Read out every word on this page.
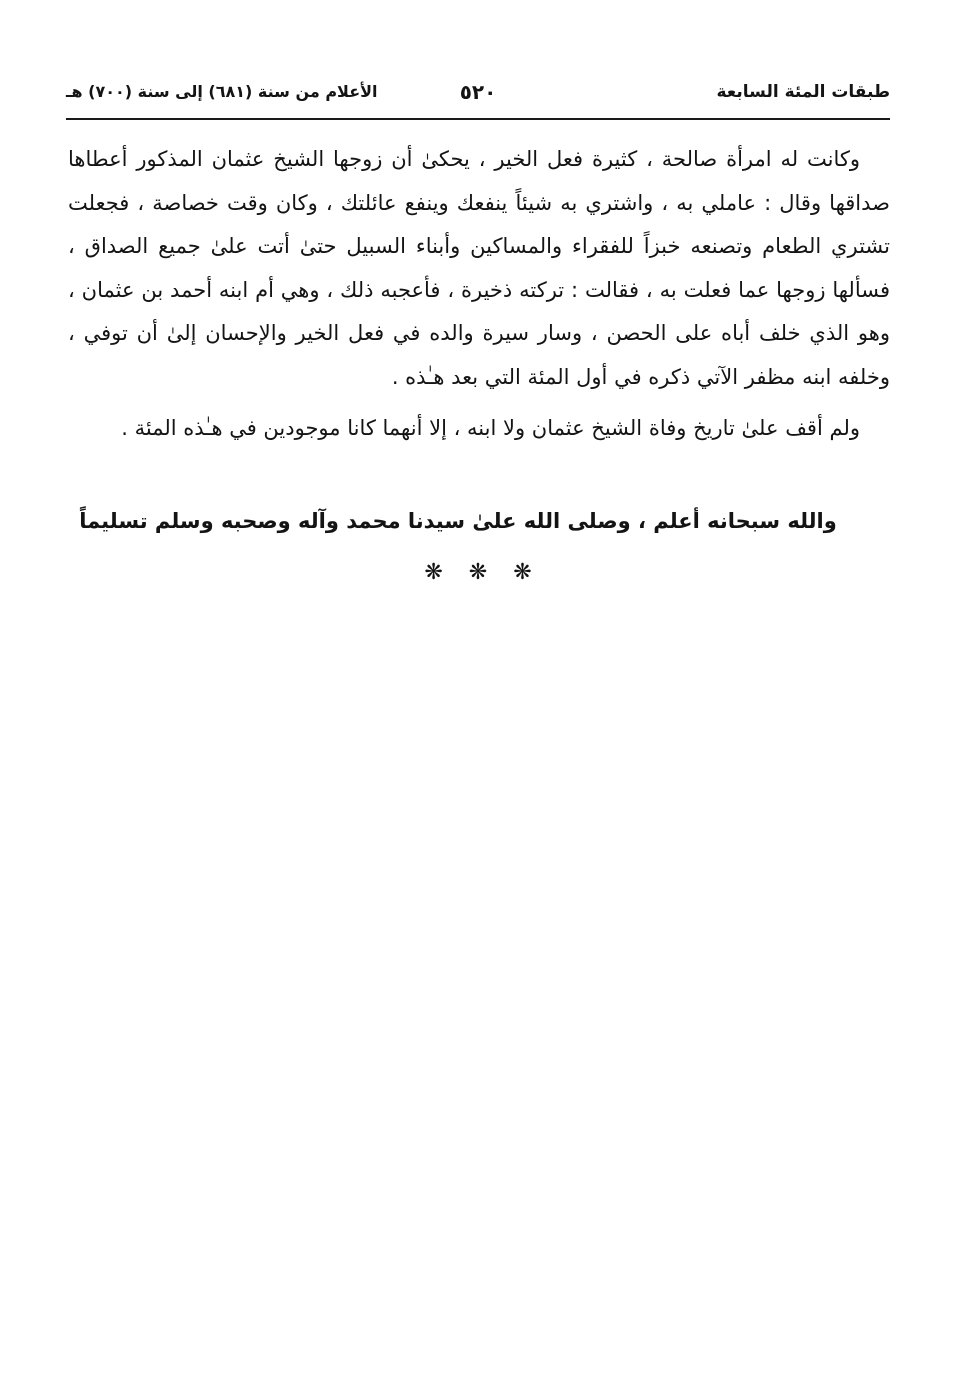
طبقات المئة السابعة
٥٢٠
الأعلام من سنة (٦٨١) إلى سنة (٧٠٠) هـ

وكانت له امرأة صالحة ، كثيرة فعل الخير ، يحكىٰ أن زوجها الشيخ عثمان المذكور أعطاها صداقها وقال : عاملي به ، واشتري به شيئاً ينفعك وينفع عائلتك ، وكان وقت خصاصة ، فجعلت تشتري الطعام وتصنعه خبزاً للفقراء والمساكين وأبناء السبيل حتىٰ أتت علىٰ جميع الصداق ، فسألها زوجها عما فعلت به ، فقالت : تركته ذخيرة ، فأعجبه ذلك ، وهي أم ابنه أحمد بن عثمان ، وهو الذي خلف أباه على الحصن ، وسار سيرة والده في فعل الخير والإحسان إلىٰ أن توفي ، وخلفه ابنه مظفر الآتي ذكره في أول المئة التي بعد هـٰذه .

ولم أقف علىٰ تاريخ وفاة الشيخ عثمان ولا ابنه ، إلا أنهما كانا موجودين في هـٰذه المئة .

والله سبحانه أعلم ، وصلى الله علىٰ سيدنا محمد وآله وصحبه وسلم تسليماً
❋❋❋
